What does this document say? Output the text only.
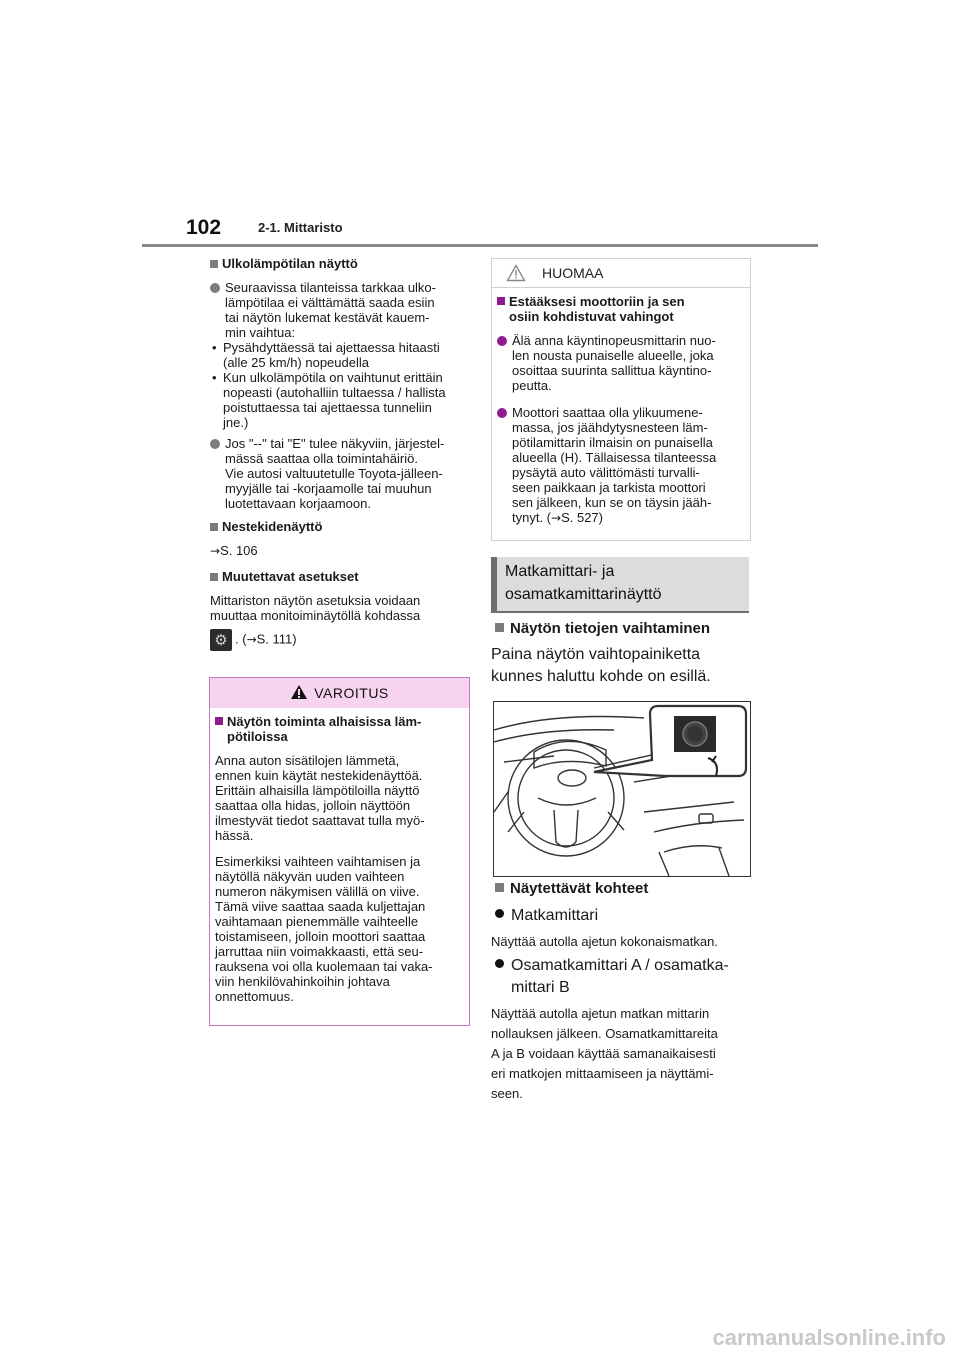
102	2-1. Mittaristo
Ulkolämpötilan näyttö
Seuraavissa tilanteissa tarkkaa ulko-
lämpötilaa ei välttämättä saada esiin
tai näytön lukemat kestävät kauem-
min vaihtua:
• Pysähdyttäessä tai ajettaessa hitaasti
(alle 25 km/h) nopeudella
• Kun ulkolämpötila on vaihtunut erittäin
nopeasti (autohalliin tultaessa / hallista
poistuttaessa tai ajettaessa tunneliin
jne.)
Jos "--" tai "E" tulee näkyviin, järjestel-
mässä saattaa olla toimintahäiriö.
Vie autosi valtuutetulle Toyota-jälleen-
myyjälle tai -korjaamolle tai muuhun
luotettavaan korjaamoon.
Nestekidenäyttö
→S. 106
Muutettavat asetukset
Mittariston näytön asetuksia voidaan
muuttaa monitoiminäytöllä kohdassa
⚙ . (→S. 111)
VAROITUS
Näytön toiminta alhaisissa läm-
pötiloissa
Anna auton sisätilojen lämmetä,
ennen kuin käytät nestekidenäyttöä.
Erittäin alhaisilla lämpötiloilla näyttö
saattaa olla hidas, jolloin näyttöön
ilmestyvät tiedot saattavat tulla myö-
hässä.
Esimerkiksi vaihteen vaihtamisen ja
näytöllä näkyvän uuden vaihteen
numeron näkymisen välillä on viive.
Tämä viive saattaa saada kuljettajan
vaihtamaan pienemmälle vaihteelle
toistamiseen, jolloin moottori saattaa
jarruttaa niin voimakkaasti, että seu-
rauksena voi olla kuolemaan tai vaka-
viin henkilövahinkoihin johtava
onnettomuus.
HUOMAA
Estääksesi moottoriin ja sen
osiin kohdistuvat vahingot
Älä anna käyntinopeusmittarin nuo-
len nousta punaiselle alueelle, joka
osoittaa suurinta sallittua käyntino-
peutta.
Moottori saattaa olla ylikuumene-
massa, jos jäähdytysnesteen läm-
pötilamittarin ilmaisin on punaisella
alueella (H). Tällaisessa tilanteessa
pysäytä auto välittömästi turvalli-
seen paikkaan ja tarkista moottori
sen jälkeen, kun se on täysin jääh-
tynyt. (→S. 527)
Matkamittari- ja
osamatkamittarinäyttö
Näytön tietojen vaihtaminen
Paina näytön vaihtopainiketta
kunnes haluttu kohde on esillä.
Näytettävät kohteet
Matkamittari
Näyttää autolla ajetun kokonaismatkan.
Osamatkamittari A / osamatka-
mittari B
Näyttää autolla ajetun matkan mittarin
nollauksen jälkeen. Osamatkamittareita
A ja B voidaan käyttää samanaikaisesti
eri matkojen mittaamiseen ja näyttämi-
seen.
carmanualsonline.info
